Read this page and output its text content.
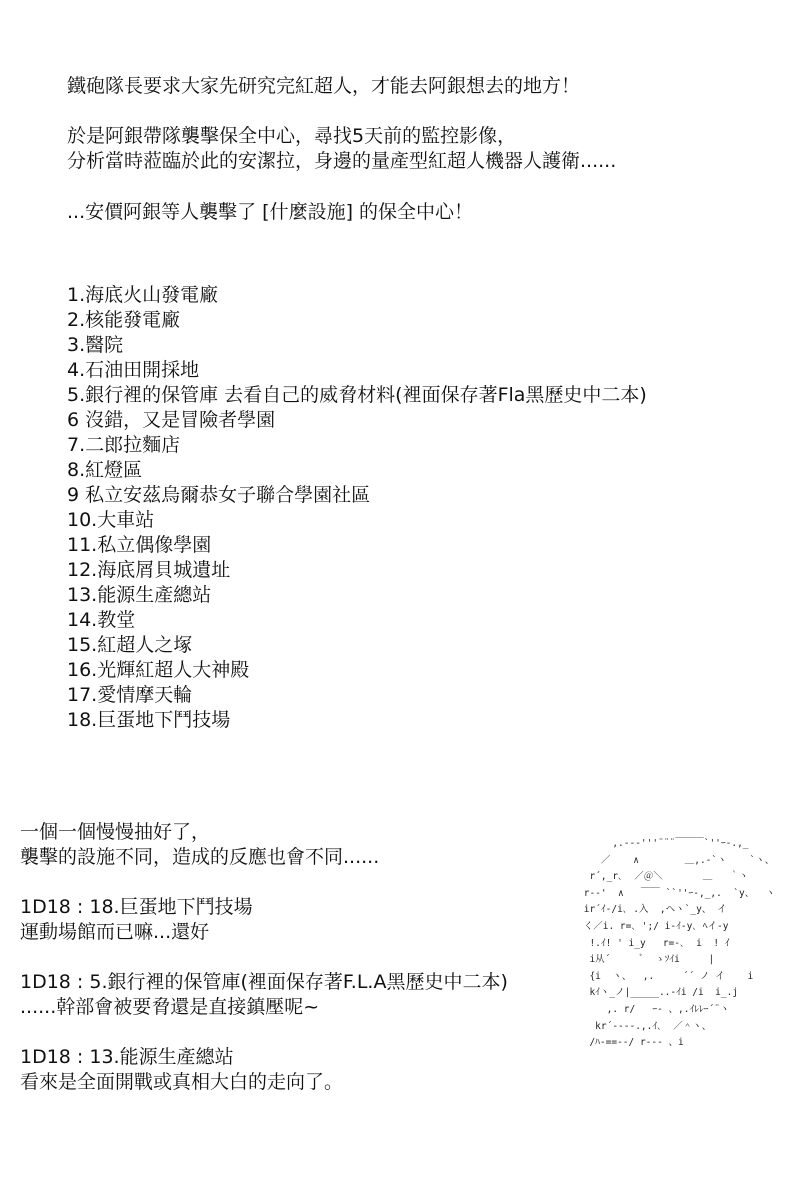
鐵砲隊長要求大家先研究完紅超人，才能去阿銀想去的地方！
於是阿銀帶隊襲擊保全中心，尋找5天前的監控影像，
分析當時蒞臨於此的安潔拉，身邊的量產型紅超人機器人護衛......
...安價阿銀等人襲擊了 [什麼設施] 的保全中心！
1.海底火山發電廠
2.核能發電廠
3.醫院
4.石油田開採地
5.銀行裡的保管庫 去看自己的威脅材料(裡面保存著Fla黑歷史中二本)
6 沒錯，又是冒險者學園
7.二郎拉麵店
8.紅燈區
9 私立安茲烏爾恭女子聯合學園社區
10.大車站
11.私立偶像學園
12.海底屑貝城遺址
13.能源生產總站
14.教堂
15.紅超人之塚
16.光輝紅超人大神殿
17.愛情摩天輪
18.巨蛋地下鬥技場
一個一個慢慢抽好了，
襲擊的設施不同，造成的反應也會不同......
1D18 : 18.巨蛋地下鬥技場
運動場館而已嘛...還好
1D18 : 5.銀行裡的保管庫(裡面保存著F.L.A黑歷史中二本)
......幹部會被要脅還是直接鎮壓呢~
1D18 : 13.能源生產總站
看來是全面開戰或真相大白的走向了。
,.-‐‐'''¨¨¨￣￣￣`''ｰ-.,_
／    ∧        ＿,.-`ヽ    `ヽ、
r´,_r､  ／＠＼       ＿   ｀ヽ
r‐-'  ∧   ￣￣ ``''ｰ-,_,.  `y、  ヽ
ir´ｲ-/i､ .入  ,ヘヽ`_y、 イ
く／i. r=､ ';/ i-ｲ-y､ ﾍイ-y
!.ｲ! ' i_y   r=-､  i  ! ｲ
i从´     ﾞ  ゝｿｲi     |
{i  ヽ、  ,.     ´´ ノ イ    i
kｲヽ_ノ|_____..-ｲi /i  i_.j
,. r/   ｰ- 、,.ｲﾚﾚｰ´¨ヽ
kr´‐‐‐-.,.ｲ､  ／＾ヽ、
/ﾊ-==-‐/ r‐‐‐ 、i
